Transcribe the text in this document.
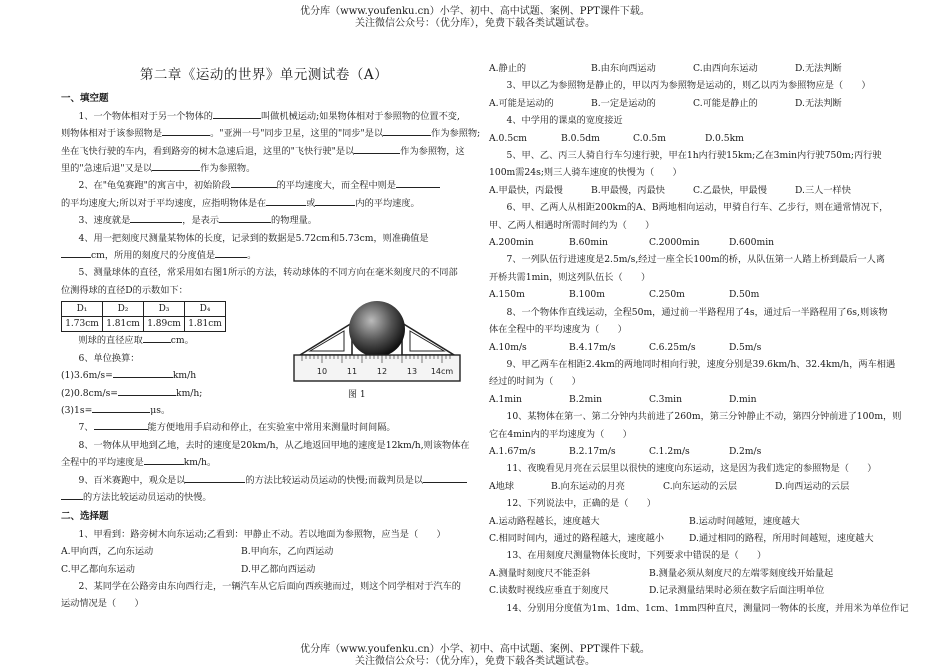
优分库（www.youfenku.cn）小学、初中、高中试题、案例、PPT课件下载。
关注微信公众号：（优分库），免费下载各类试题试卷。
第二章《运动的世界》单元测试卷（A）
一、填空题
1、一个物体相对于另一个物体的	叫做机械运动;如果物体相对于参照物的位置不变,
则物体相对于该参照物是	。"亚洲一号"同步卫星，这里的"同步"是以	作为参照物;
坐在飞快行驶的车内，看到路旁的树木急速后退，这里的"飞快行驶"是以	作为参照物，这
里的"急速后退"又是以	作为参照物。
2、在"龟兔赛跑"的寓言中，初始阶段	的平均速度大，而全程中则是
的平均速度大;所以对于平均速度，应指明物体是在	或	内的平均速度。
3、速度就是	，是表示	的物理量。
4、用一把刻度尺测量某物体的长度，记录到的数据是5.72cm和5.73cm，则准确值是
cm，所用的刻度尺的分度值是	。
5、测量球体的直径，常采用如右图1所示的方法，转动球体的不同方向在毫米刻度尺的不同部
位测得球的直径D的示数如下：
D₁	D₂	D₃	D₄
1.73cm	1.81cm	1.89cm	1.81cm
则球的直径应取	cm。
6、单位换算：
(1)3.6m/s=	km/h
(2)0.8cm/s=	km/h;
(3)1s=	μs。
7、	能方便地用手启动和停止，在实验室中常用来测量时间间隔。
8、一物体从甲地到乙地，去时的速度是20km/h，从乙地返回甲地的速度是12km/h,则该物体在
全程中的平均速度是	km/h。
9、百米赛跑中，观众是以	的方法比较运动员运动的快慢;而裁判员是以
的方法比较运动员运动的快慢。
二、选择题
1、甲看到：路旁树木向东运动;乙看到：甲静止不动。若以地面为参照物，应当是（　　）
A.甲向西，乙向东运动	B.甲向东，乙向西运动
C.甲乙都向东运动	D.甲乙都向西运动
2、某同学在公路旁由东向西行走，一辆汽车从它后面向西疾驰而过，则这个同学相对于汽车的
运动情况是（　　）
10 11 12 13 14cm
图 1
A.静止的	B.由东向西运动	C.由西向东运动	D.无法判断
3、甲以乙为参照物是静止的，甲以丙为参照物是运动的，则乙以丙为参照物应是（　　）
A.可能是运动的	B.一定是运动的	C.可能是静止的	D.无法判断
4、中学用的课桌的宽度接近
A.0.5cm	B.0.5dm	C.0.5m	D.0.5km
5、甲、乙、丙三人骑自行车匀速行驶，甲在1h内行驶15km;乙在3min内行驶750m;丙行驶
100m需24s;则三人骑车速度的快慢为（　　）
A.甲最快，丙最慢	B.甲最慢，丙最快	C.乙最快，甲最慢	D.三人一样快
6、甲、乙两人从相距200km的A、B两地相向运动，甲骑自行车、乙步行，则在通常情况下，
甲、乙两人相遇时所需时间约为（　　）
A.200min	B.60min	C.2000min	D.600min
7、一列队伍行进速度是2.5m/s,经过一座全长100m的桥，从队伍第一人踏上桥到最后一人离
开桥共需1min，则这列队伍长（　　）
A.150m	B.100m	C.250m	D.50m
8、一个物体作直线运动，全程50m，通过前一半路程用了4s，通过后一半路程用了6s,则该物
体在全程中的平均速度为（　　）
A.10m/s	B.4.17m/s	C.6.25m/s	D.5m/s
9、甲乙两车在相距2.4km的两地同时相向行驶，速度分别是39.6km/h、32.4km/h，两车相遇
经过的时间为（　　）
A.1min	B.2min	C.3min	D.min
10、某物体在第一、第二分钟内共前进了260m，第三分钟静止不动，第四分钟前进了100m，则
它在4min内的平均速度为（　　）
A.1.67m/s	B.2.17m/s	C.1.2m/s	D.2m/s
11、夜晚看见月亮在云层里以很快的速度向东运动，这是因为我们选定的参照物是（　　）
A地球	B.向东运动的月亮	C.向东运动的云层	D.向西运动的云层
12、下列说法中，正确的是（　　）
A.运动路程越长，速度越大	B.运动时间越短，速度越大
C.相同时间内，通过的路程越大，速度越小	D.通过相同的路程，所用时间越短，速度越大
13、在用刻度尺测量物体长度时，下列要求中错误的是（　　）
A.测量时刻度尺不能歪斜	B.测量必须从刻度尺的左端零刻度线开始量起
C.读数时视线应垂直于刻度尺	D.记录测量结果时必须在数字后面注明单位
14、分别用分度值为1m、1dm、1cm、1mm四种直尺，测量同一物体的长度，并用米为单位作记
优分库（www.youfenku.cn）小学、初中、高中试题、案例、PPT课件下载。
关注微信公众号：（优分库），免费下载各类试题试卷。
